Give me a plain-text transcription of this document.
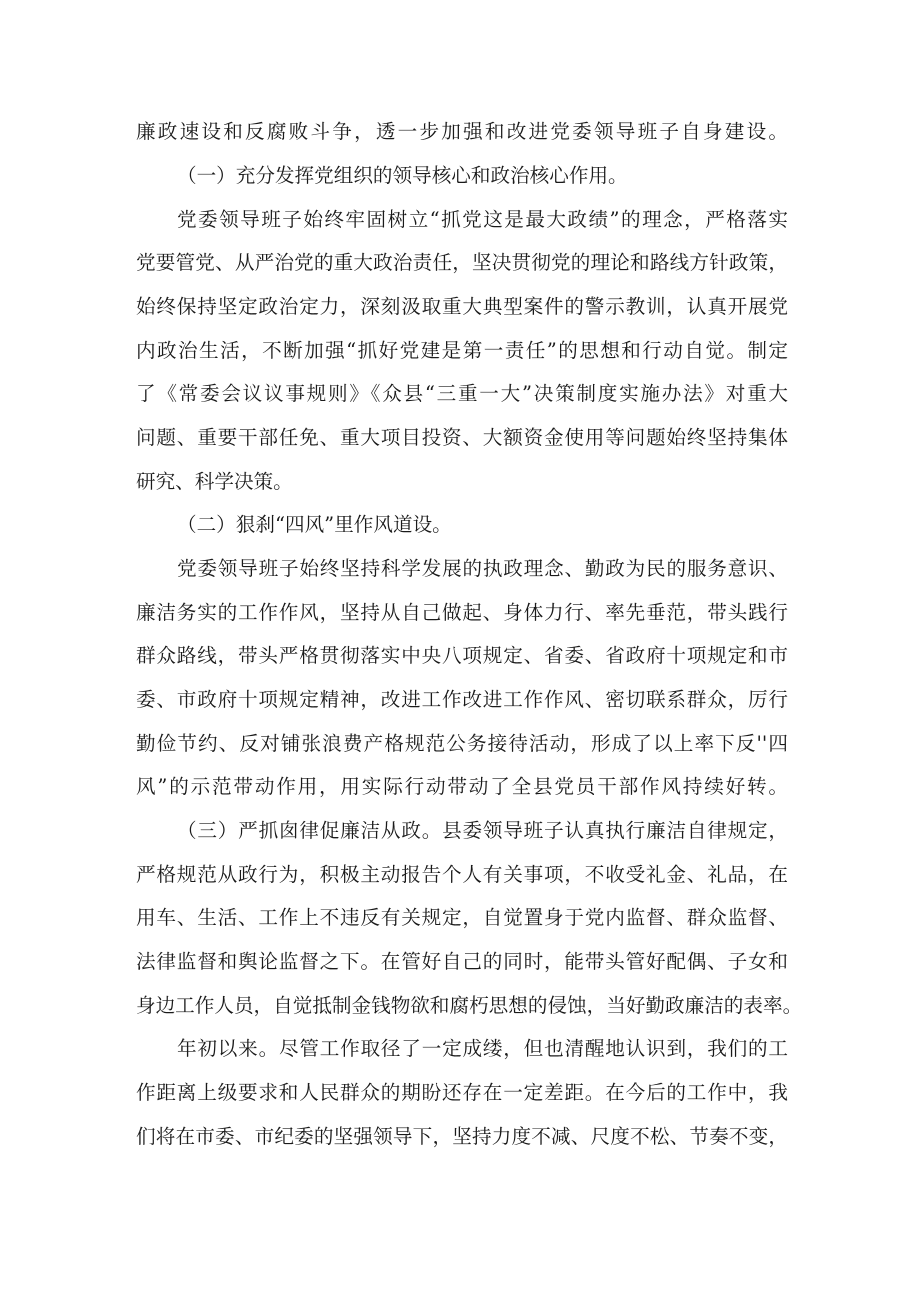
廉政速设和反腐败斗争，透一步加强和改进党委领导班子自身建设。
（一）充分发挥党组织的领导核心和政治核心作用。
党委领导班子始终牢固树立“抓党这是最大政绩”的理念，严格落实
党要管党、从严治党的重大政治责任，坚决贯彻党的理论和路线方针政策，
始终保持坚定政治定力，深刻汲取重大典型案件的警示教训，认真开展党
内政治生活，不断加强“抓好党建是第一责任”的思想和行动自觉。制定
了《常委会议议事规则》《众县“三重一大”决策制度实施办法》对重大
问题、重要干部任免、重大项目投资、大额资金使用等问题始终坚持集体
研究、科学决策。
（二）狠刹“四风”里作风道设。
党委领导班子始终坚持科学发展的执政理念、勤政为民的服务意识、
廉洁务实的工作作风，坚持从自己做起、身体力行、率先垂范，带头践行
群众路线，带头严格贯彻落实中央八项规定、省委、省政府十项规定和市
委、市政府十项规定精神，改进工作改进工作作风、密切联系群众，厉行
勤俭节约、反对铺张浪费产格规范公务接待活动，形成了以上率下反''四
风”的示范带动作用，用实际行动带动了全县党员干部作风持续好转。
（三）严抓囱律促廉洁从政。县委领导班子认真执行廉洁自律规定，
严格规范从政行为，积极主动报告个人有关事项，不收受礼金、礼品，在
用车、生活、工作上不违反有关规定，自觉置身于党内监督、群众监督、
法律监督和舆论监督之下。在管好自己的同时，能带头管好配偶、子女和
身边工作人员，自觉抵制金钱物欲和腐朽思想的侵蚀，当好勤政廉洁的表率。
年初以来。尽管工作取径了一定成缕，但也清醒地认识到，我们的工
作距离上级要求和人民群众的期盼还存在一定差距。在今后的工作中，我
们将在市委、市纪委的坚强领导下，坚持力度不减、尺度不松、节奏不变，
